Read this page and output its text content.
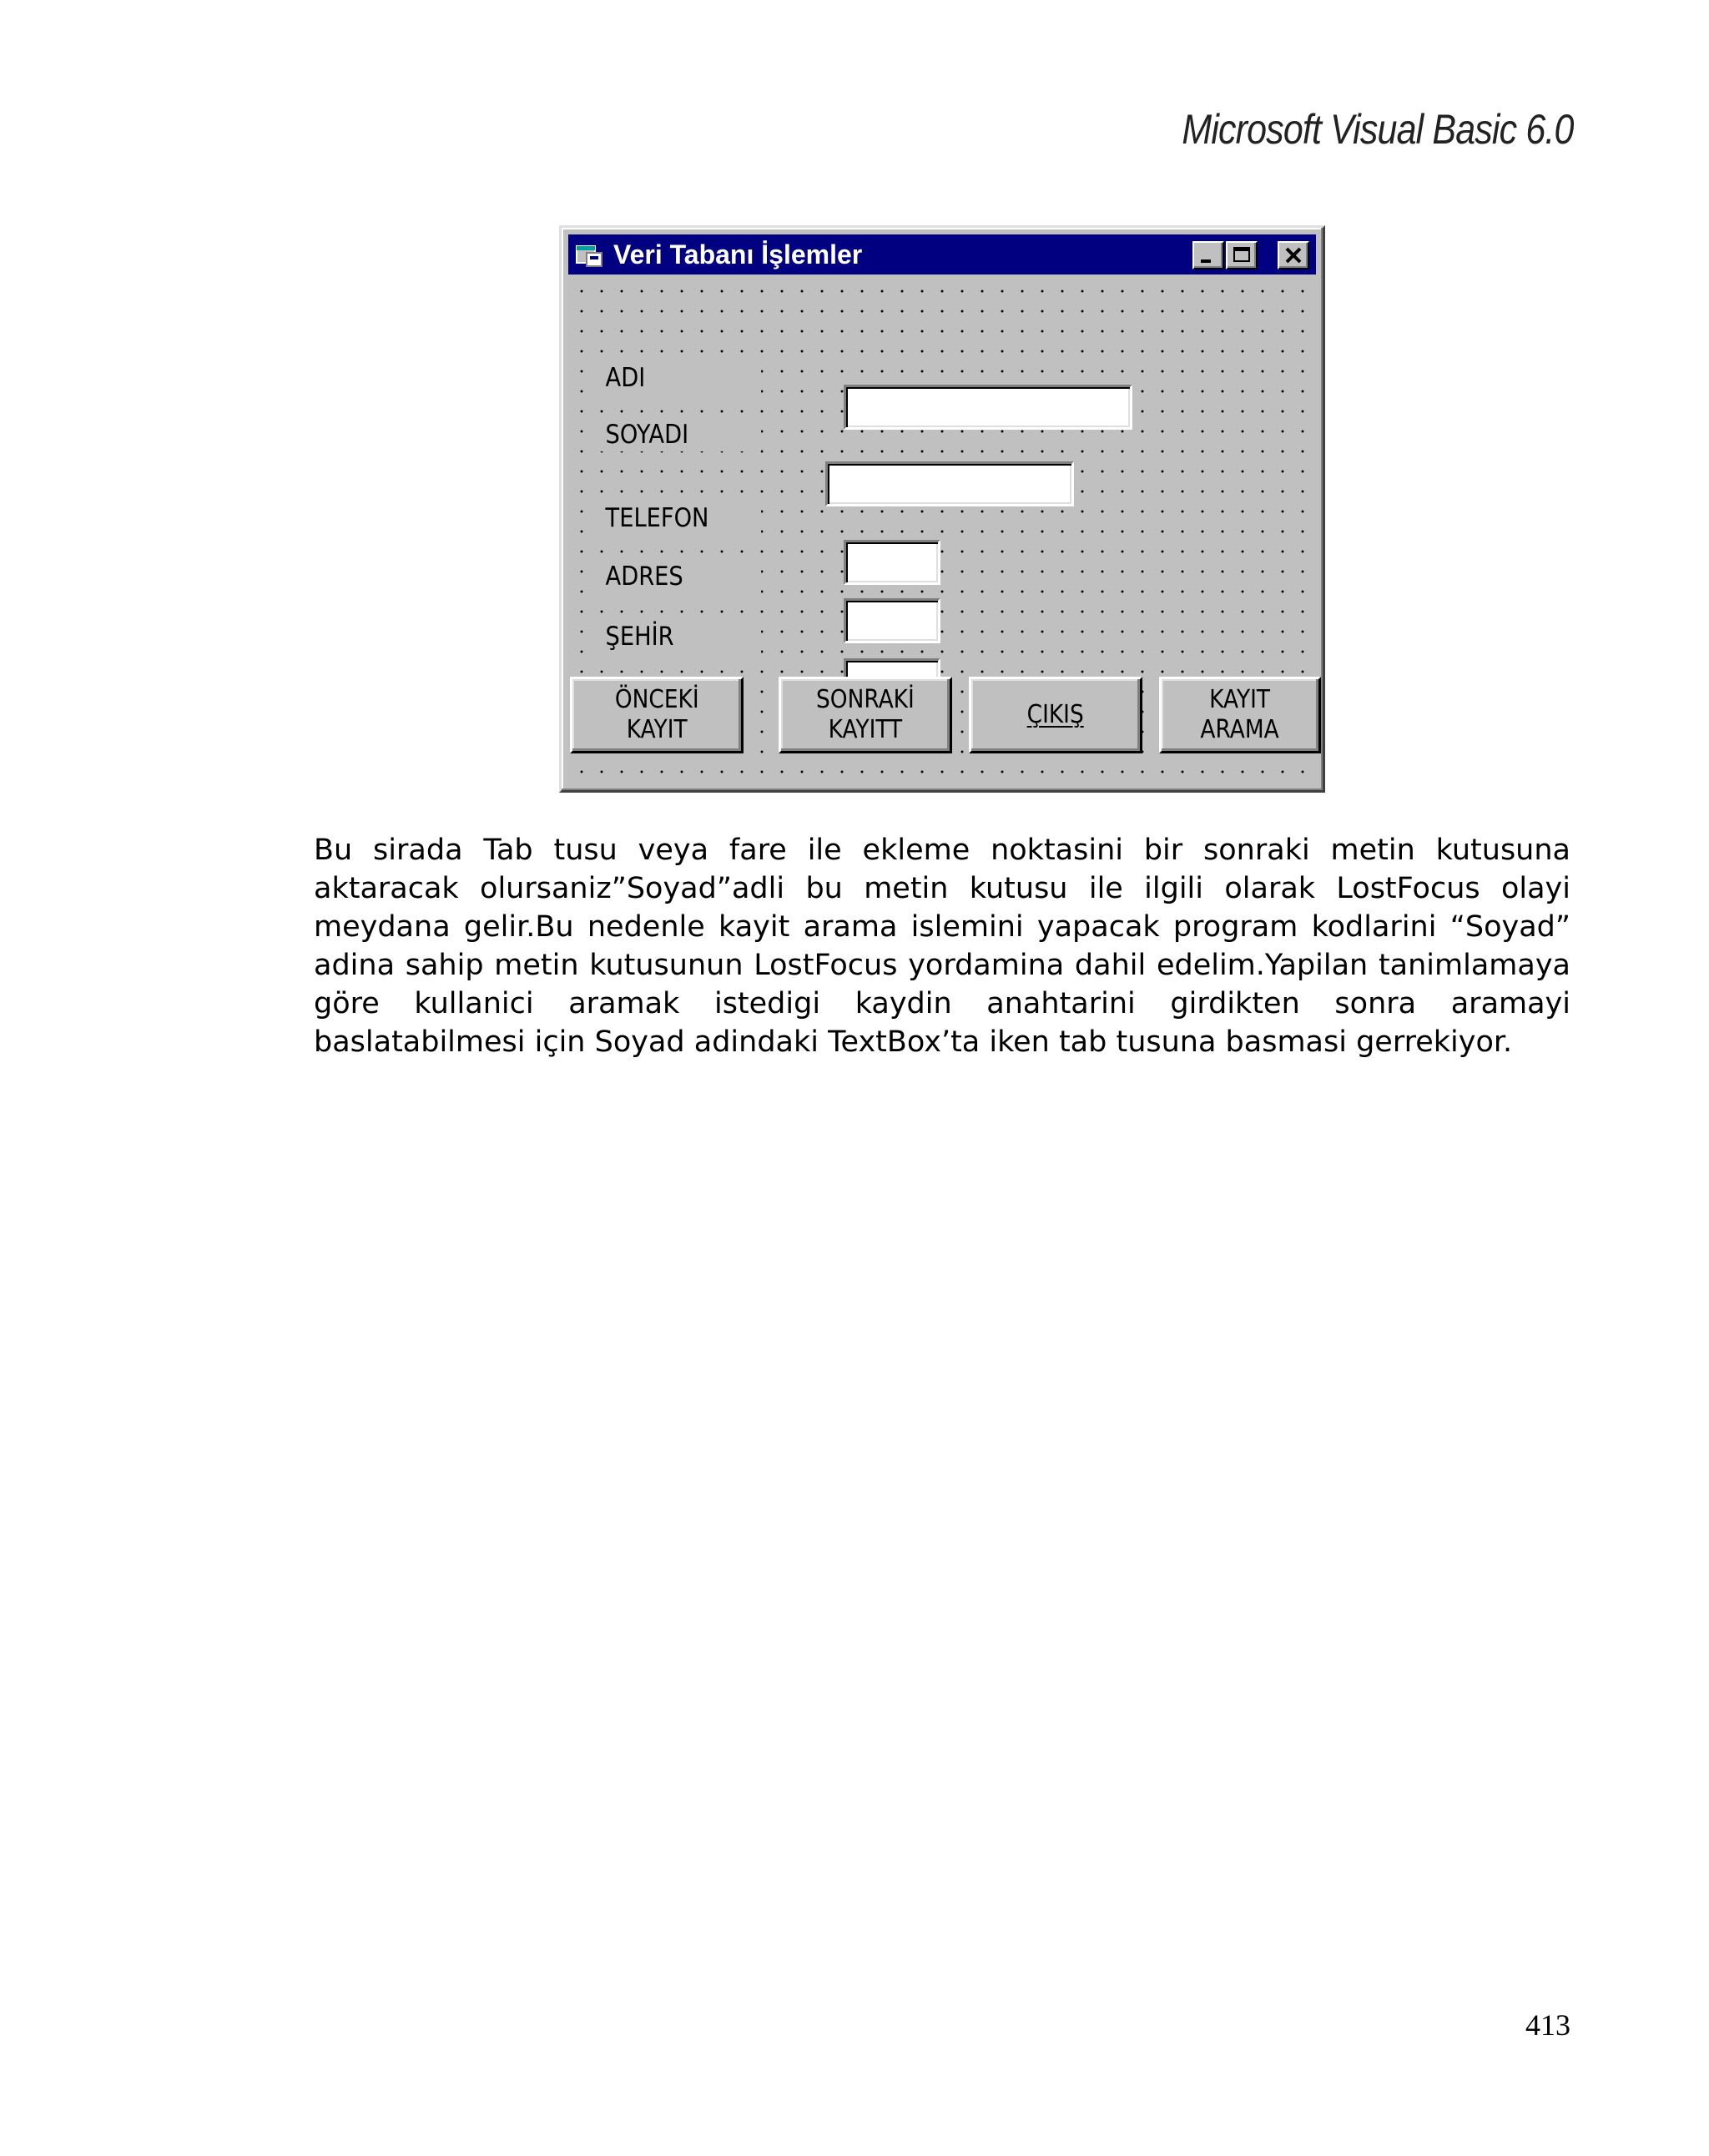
Microsoft Visual Basic 6.0
Veri Tabanı İşlemler
ADI
SOYADI
TELEFON
ADRES
ŞEHİR
ÖNCEKİ
KAYIT
SONRAKİ
KAYITT
ÇIKIŞ
KAYIT
ARAMA

Bu sirada Tab tusu veya fare ile ekleme noktasini bir sonraki metin kutusuna aktaracak olursaniz”Soyad”adli bu metin kutusu ile ilgili olarak LostFocus olayi meydana gelir.Bu nedenle kayit arama islemini yapacak program kodlarini “Soyad” adina sahip metin kutusunun LostFocus yordamina dahil edelim.Yapilan tanimlamaya göre kullanici aramak istedigi kaydin anahtarini girdikten sonra aramayi baslatabilmesi için Soyad adindaki TextBox’ta iken tab tusuna basmasi gerrekiyor.

413
